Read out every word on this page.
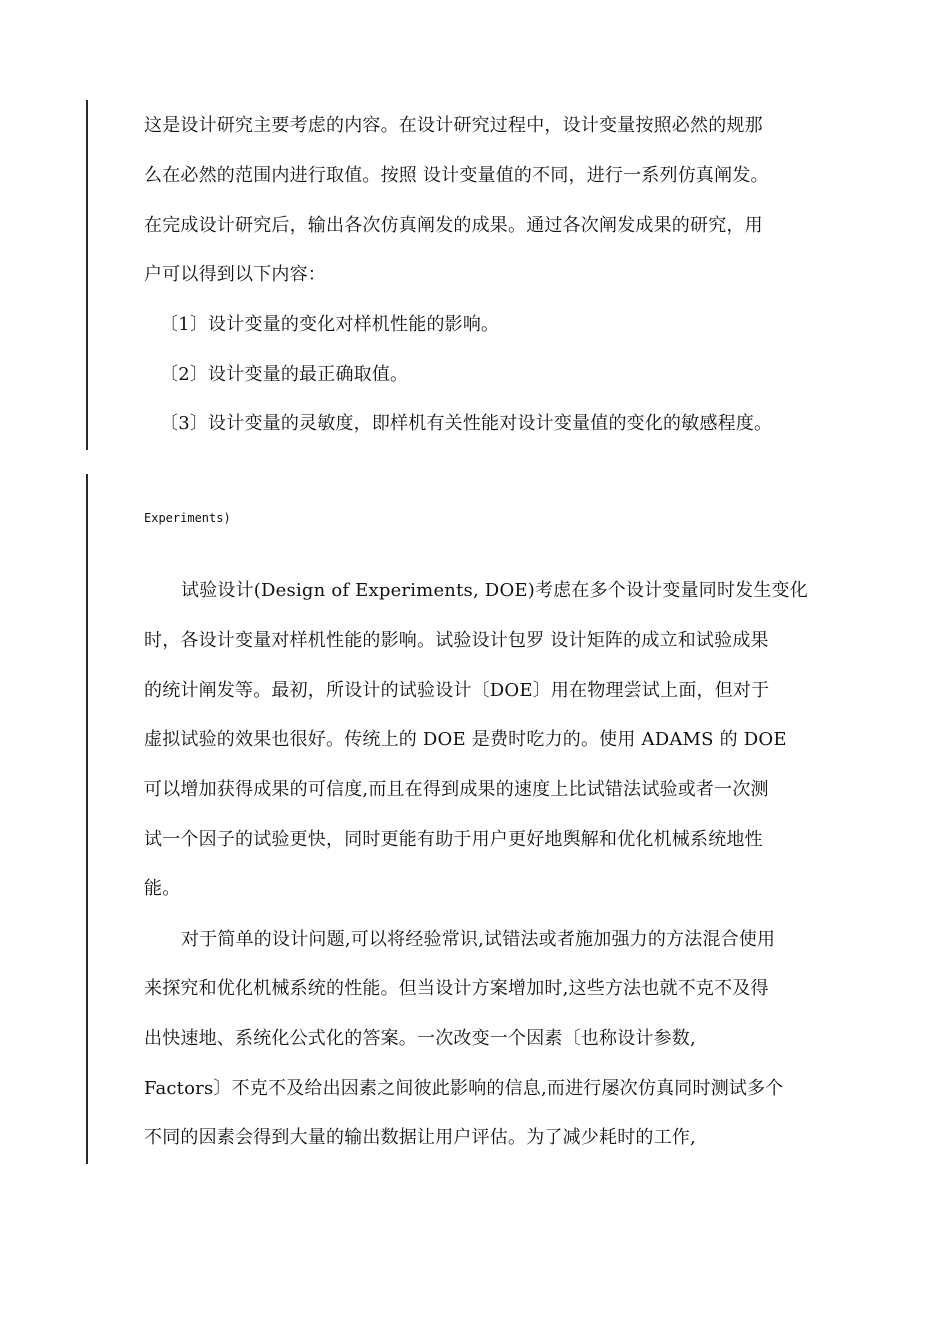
这是设计研究主要考虑的内容。在设计研究过程中，设计变量按照必然的规那
么在必然的范围内进行取值。按照 设计变量值的不同，进行一系列仿真阐发。
在完成设计研究后，输出各次仿真阐发的成果。通过各次阐发成果的研究，用
户可以得到以下内容：
〔1〕设计变量的变化对样机性能的影响。
〔2〕设计变量的最正确取值。
〔3〕设计变量的灵敏度，即样机有关性能对设计变量值的变化的敏感程度。
Experiments)
试验设计(Design of Experiments, DOE)考虑在多个设计变量同时发生变化
时，各设计变量对样机性能的影响。试验设计包罗 设计矩阵的成立和试验成果
的统计阐发等。最初，所设计的试验设计〔DOE〕用在物理尝试上面，但对于
虚拟试验的效果也很好。传统上的 DOE 是费时吃力的。使用 ADAMS 的 DOE
可以增加获得成果的可信度,而且在得到成果的速度上比试错法试验或者一次测
试一个因子的试验更快，同时更能有助于用户更好地舆解和优化机械系统地性
能。
对于简单的设计问题,可以将经验常识,试错法或者施加强力的方法混合使用
来探究和优化机械系统的性能。但当设计方案增加时,这些方法也就不克不及得
出快速地、系统化公式化的答案。一次改变一个因素〔也称设计参数,
Factors〕不克不及给出因素之间彼此影响的信息,而进行屡次仿真同时测试多个
不同的因素会得到大量的输出数据让用户评估。为了减少耗时的工作,
